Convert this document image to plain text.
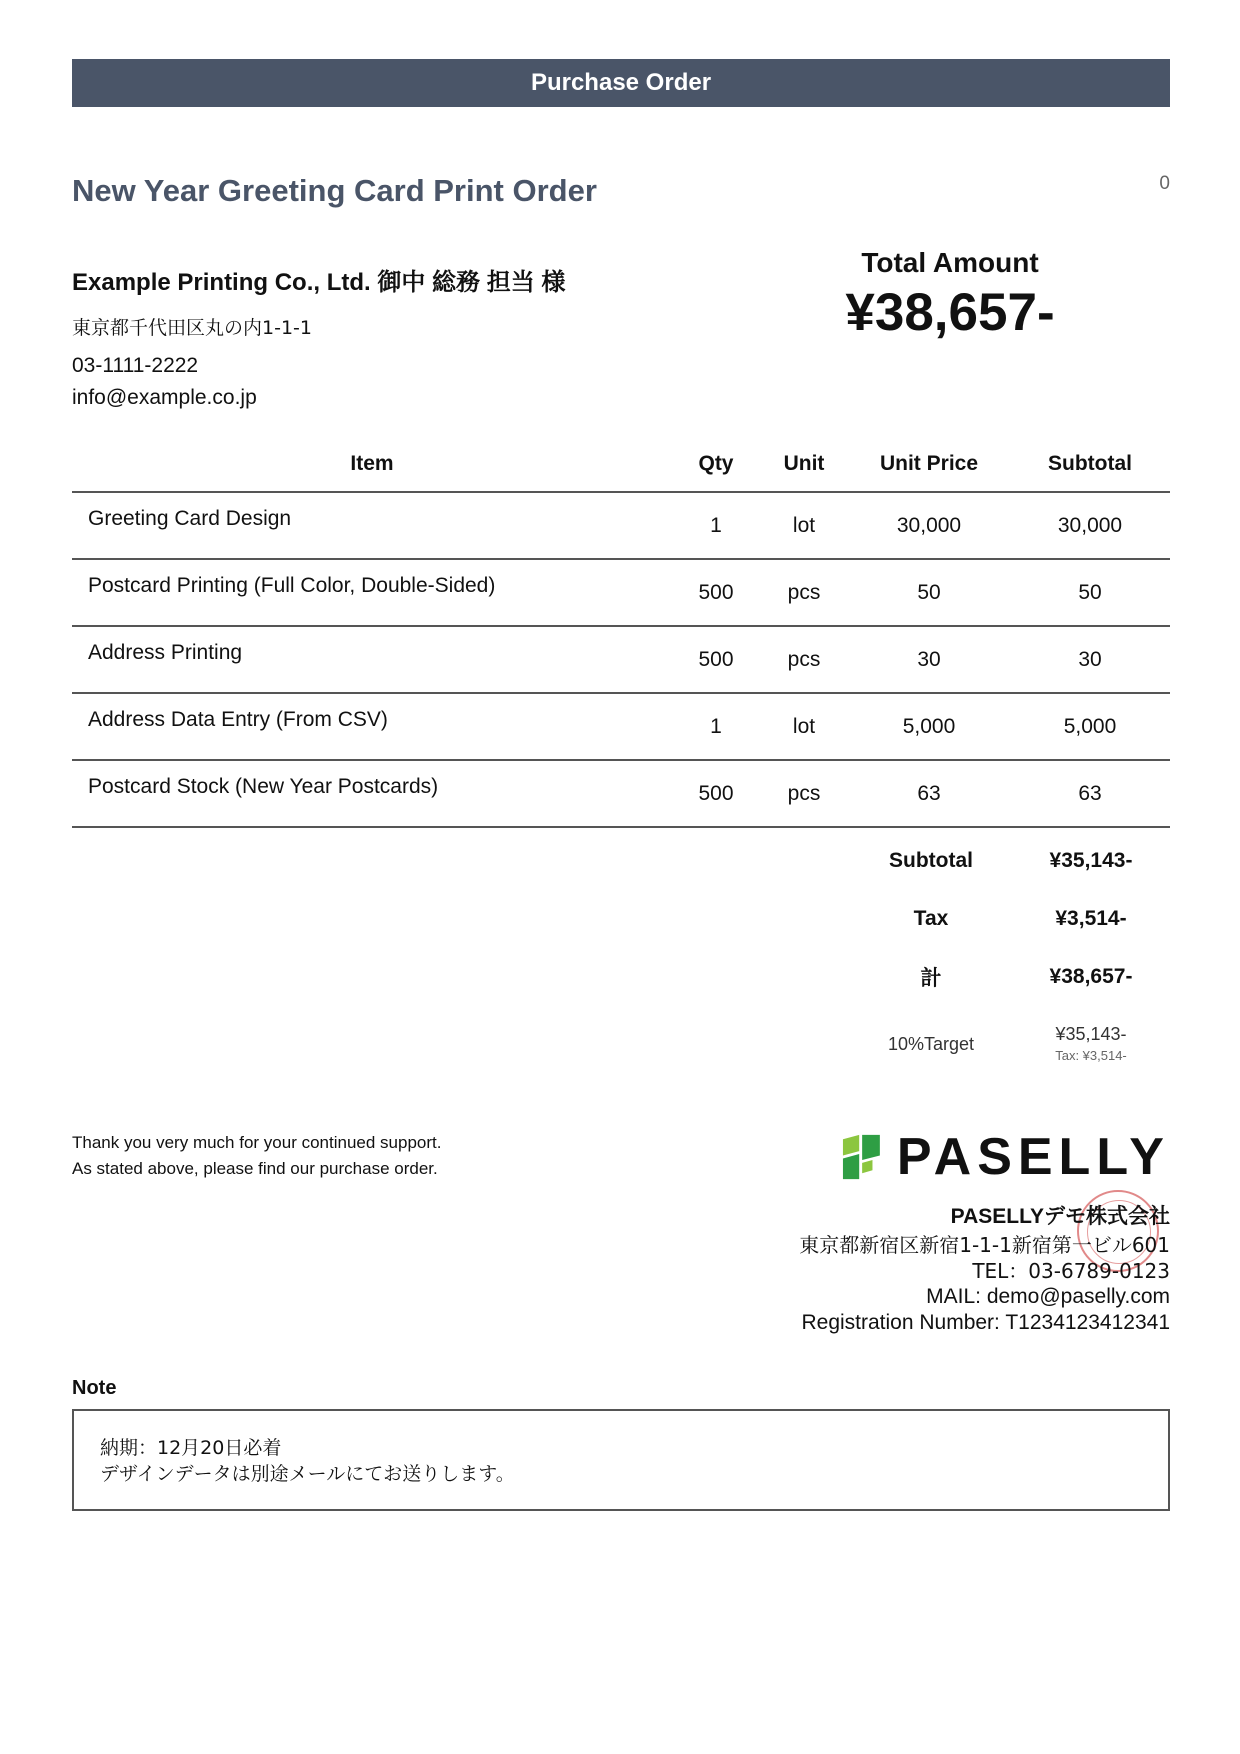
Purchase Order
New Year Greeting Card Print Order	0
Example Printing Co., Ltd. 御中 総務 担当 様
東京都千代田区丸の内1-1-1
03-1111-2222
info@example.co.jp
Total Amount
¥38,657-
Item	Qty	Unit	Unit Price	Subtotal
Greeting Card Design	1	lot	30,000	30,000
Postcard Printing (Full Color, Double-Sided)	500	pcs	50	50
Address Printing	500	pcs	30	30
Address Data Entry (From CSV)	1	lot	5,000	5,000
Postcard Stock (New Year Postcards)	500	pcs	63	63
Subtotal	¥35,143-
Tax	¥3,514-
計	¥38,657-
10%Target	¥35,143-
Tax: ¥3,514-
Thank you very much for your continued support.
As stated above, please find our purchase order.	PASELLY
PASELLYデモ株式会社
東京都新宿区新宿1-1-1新宿第一ビル601
TEL：03-6789-0123
MAIL: demo@paselly.com
Registration Number: T1234123412341
Note
納期：12月20日必着
デザインデータは別途メールにてお送りします。
